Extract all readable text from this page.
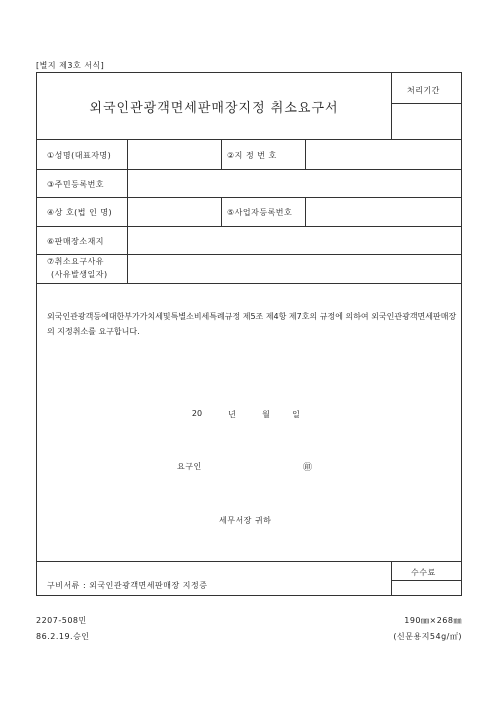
[별지 제3호 서식]
외국인관광객면세판매장지정 취소요구서
처리기간
①성명(대표자명)	②지 정 번 호
③주민등록번호
④상 호(법 인 명)	⑤사업자등록번호
⑥판매장소재지
⑦취소요구사유
(사유발생일자)
외국인관광객등에대한부가가치세및특별소비세특례규정 제5조 제4항 제7호의 규정에 의하여 외국인관광객면세판매장의 지정취소를 요구합니다.
20	년	월	일
요구인	㊞
세무서장 귀하
구비서류 : 외국인관광객면세판매장 지정증
수수료
2207-508민
86.2.19.승인
190㎜×268㎜
(신문용지54g/㎡)
